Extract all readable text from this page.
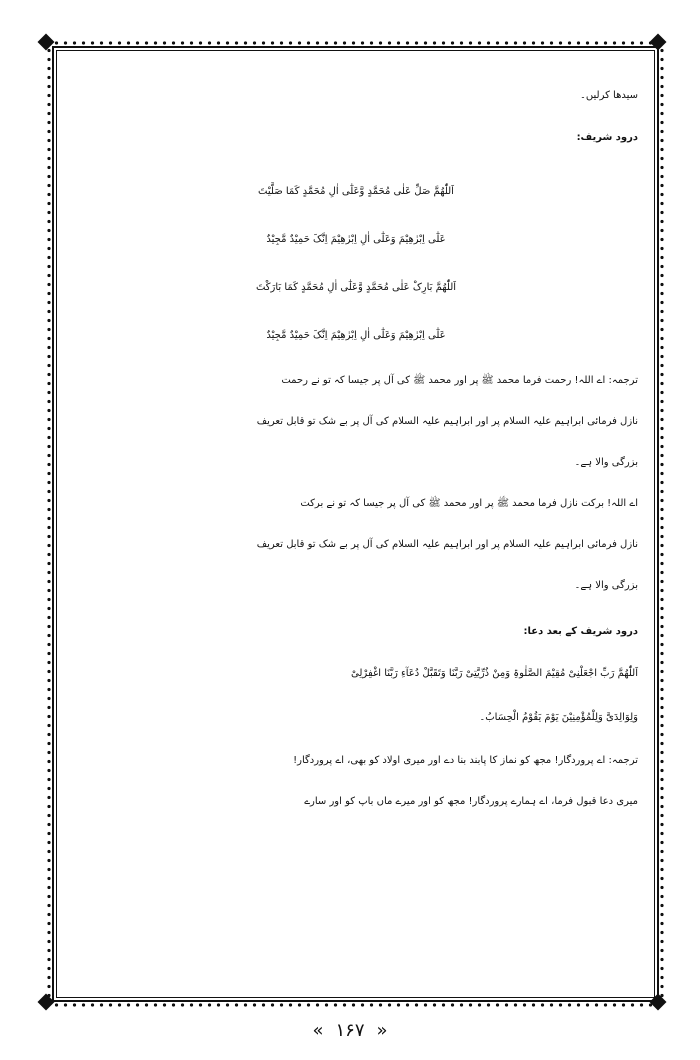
سیدھا کرلیں۔
درود شریف:
اَللّٰھُمَّ صَلِّ عَلٰی مُحَمَّدٍ وَّعَلٰٓی اٰلِ مُحَمَّدٍ کَمَا صَلَّیْتَ
عَلٰٓی اِبْرٰھِیْمَ وَعَلٰٓی اٰلِ اِبْرٰھِیْمَ اِنَّکَ حَمِیْدٌ مَّجِیْدٌ
اَللّٰھُمَّ بَارِکْ عَلٰی مُحَمَّدٍ وَّعَلٰٓی اٰلِ مُحَمَّدٍ کَمَا بَارَکْتَ
عَلٰٓی اِبْرٰھِیْمَ وَعَلٰٓی اٰلِ اِبْرٰھِیْمَ اِنَّکَ حَمِیْدٌ مَّجِیْدٌ
ترجمہ: اے اللہ! رحمت فرما محمد ﷺ پر اور محمد ﷺ کی آل پر جیسا کہ تو نے رحمت
نازل فرمائی ابراہیم علیہ السلام پر اور ابراہیم علیہ السلام کی آل پر بے شک تو قابل تعریف
بزرگی والا ہے۔
اے اللہ! برکت نازل فرما محمد ﷺ پر اور محمد ﷺ کی آل پر جیسا کہ تو نے برکت
نازل فرمائی ابراہیم علیہ السلام پر اور ابراہیم علیہ السلام کی آل پر بے شک تو قابل تعریف
بزرگی والا ہے۔
درود شریف کے بعد دعا:
اَللّٰھُمَّ رَبِّ اجْعَلْنِیْ مُقِیْمَ الصَّلٰوۃِ وَمِنْ ذُرِّیَّتِیْ رَبَّنَا وَتَقَبَّلْ دُعَآءِ رَبَّنَا اغْفِرْلِیْ
وَلِوَالِدَیَّ وَلِلْمُؤْمِنِیْنَ یَوْمَ یَقُوْمُ الْحِسَابُ۔
ترجمہ: اے پروردگار! مجھ کو نماز کا پابند بنا دے اور میری اولاد کو بھی، اے پروردگار!
میری دعا قبول فرما، اے ہمارے پروردگار! مجھ کو اور میرے ماں باپ کو اور سارے
« ۱۶۷ »
